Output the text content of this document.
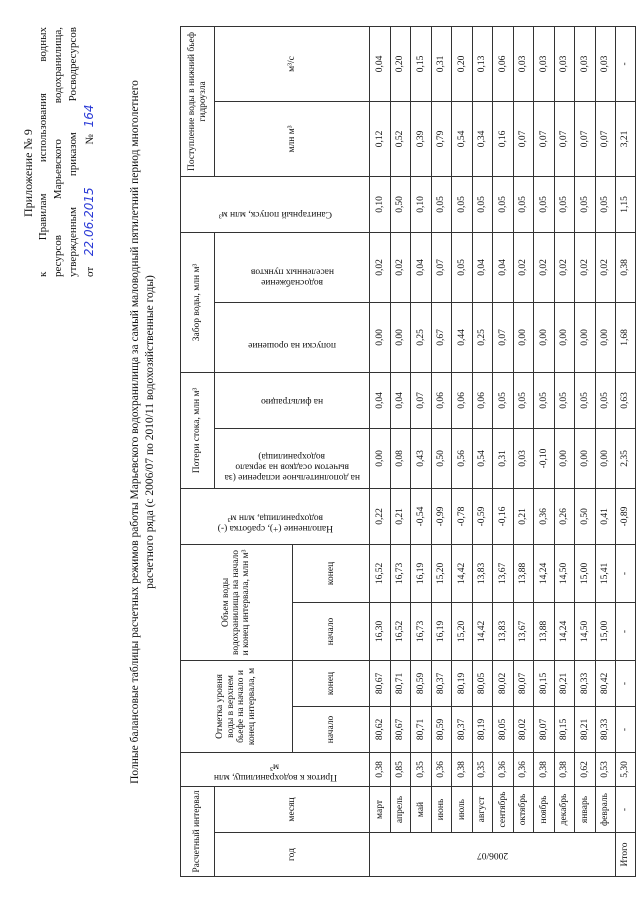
Приложение № 9 к Правилам использования водных ресурсов Марьевского водохранилища, утвержденным приказом Росводресурсов от 22.06.2015 № 164	Полные балансовые таблицы расчетных режимов работы Марьевского водохранилища за самый маловодный пятилетний период многолетнего расчетного ряда (с 2006/07 по 2010/11 водохозяйственные годы)
Расчетный интервал		Приток к водохранилищу, млн м³	Отметка уровня воды в верхнем бьефе на начало и конец интервала, м		Объем воды водохранилища на начало и конец интервала, млн м³		Наполнение (+), сработка (-) водохранилища, млн м³	Потери стока, млн м³		Забор воды, млн м³		Санитарный попуск, млн м³	Поступление воды в нижний бьеф гидроузла	
год	месяц							на дополнительное испарение (за вычетом осадков на зеркало водохранилища)	на фильтрацию	попуски на орошение	водоснабжение населенных пунктов		млн м³	м³/с
			начало	конец	начало	конец								

2006/07	март	0,38	80,62	80,67	16,30	16,52	0,22	0,00	0,04	0,00	0,02	0,10	0,12	0,04
	апрель	0,85	80,67	80,71	16,52	16,73	0,21	0,08	0,04	0,00	0,02	0,50	0,52	0,20
	май	0,35	80,71	80,59	16,73	16,19	-0,54	0,43	0,07	0,25	0,04	0,10	0,39	0,15
	июнь	0,36	80,59	80,37	16,19	15,20	-0,99	0,50	0,06	0,67	0,07	0,05	0,79	0,31
	июль	0,38	80,37	80,19	15,20	14,42	-0,78	0,56	0,06	0,44	0,05	0,05	0,54	0,20
	август	0,35	80,19	80,05	14,42	13,83	-0,59	0,54	0,06	0,25	0,04	0,05	0,34	0,13
	сентябрь	0,36	80,05	80,02	13,83	13,67	-0,16	0,31	0,05	0,07	0,04	0,05	0,16	0,06
	октябрь	0,36	80,02	80,07	13,67	13,88	0,21	0,03	0,05	0,00	0,02	0,05	0,07	0,03
	ноябрь	0,38	80,07	80,15	13,88	14,24	0,36	-0,10	0,05	0,00	0,02	0,05	0,07	0,03
	декабрь	0,38	80,15	80,21	14,24	14,50	0,26	0,00	0,05	0,00	0,02	0,05	0,07	0,03
	январь	0,62	80,21	80,33	14,50	15,00	0,50	0,00	0,05	0,00	0,02	0,05	0,07	0,03
	февраль	0,53	80,33	80,42	15,00	15,41	0,41	0,00	0,05	0,00	0,02	0,05	0,07	0,03
Итого	-	5,30	-	-	-	-	-0,89	2,35	0,63	1,68	0,38	1,15	3,21	-
